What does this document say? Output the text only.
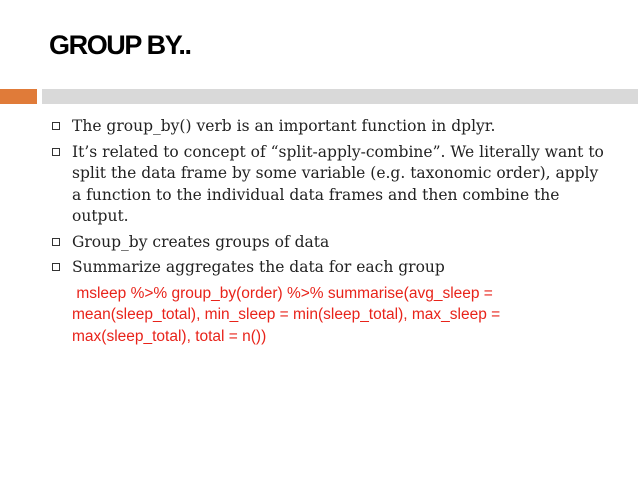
GROUP BY..
The group_by() verb is an important function in dplyr.
It’s related to concept of “split-apply-combine”. We literally want to split the data frame by some variable (e.g. taxonomic order), apply a function to the individual data frames and then combine the output.
Group_by creates groups of data
Summarize aggregates the data for each group
msleep %>% group_by(order) %>% summarise(avg_sleep = mean(sleep_total), min_sleep = min(sleep_total), max_sleep = max(sleep_total), total = n())
